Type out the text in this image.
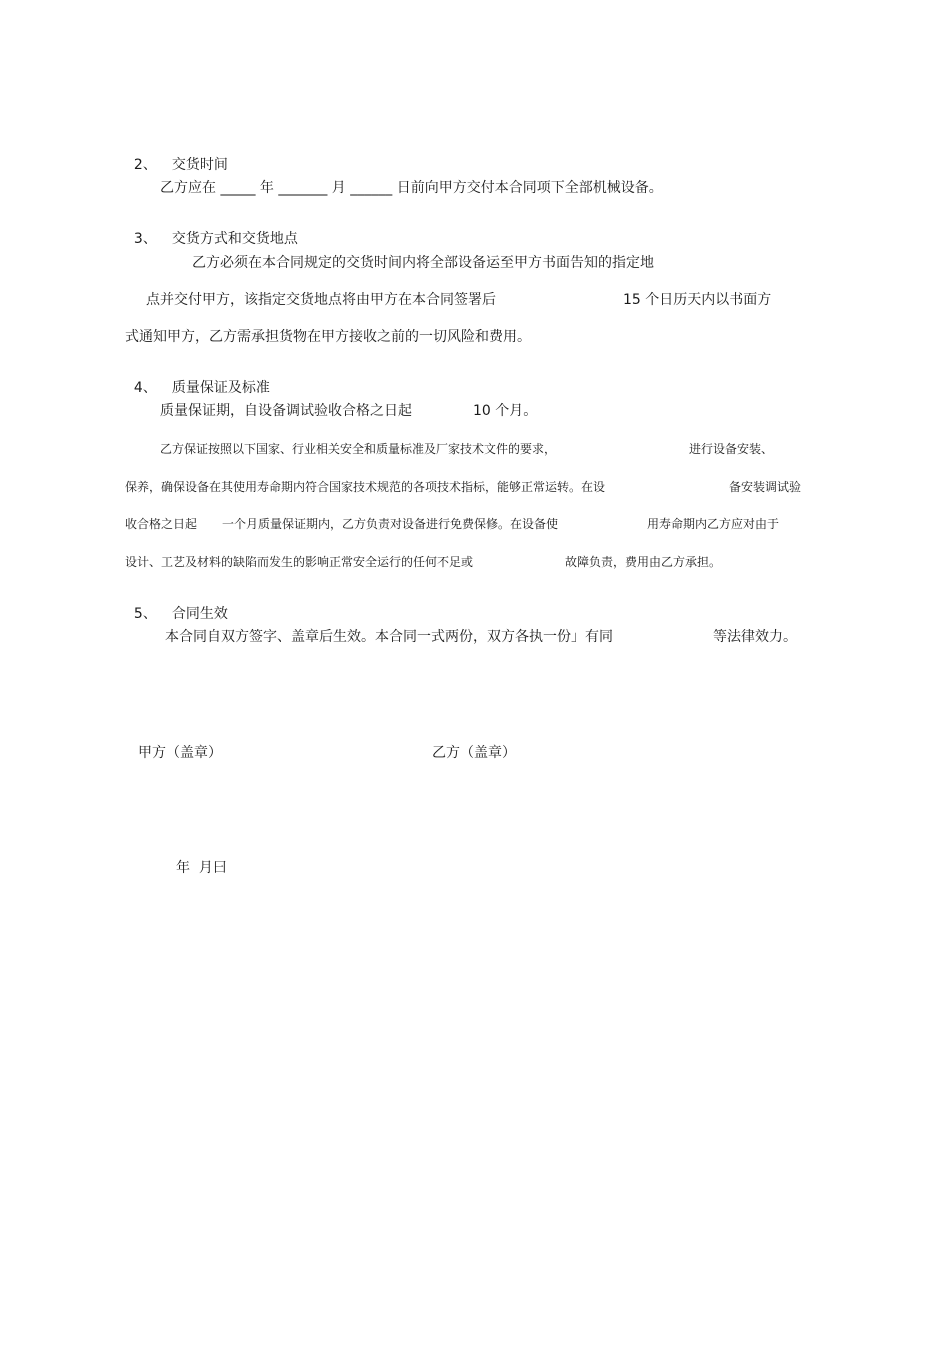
2、 交货时间

乙方应在 _____ 年 _______ 月 ______ 日前向甲方交付本合同项下全部机械设备。

3、 交货方式和交货地点

乙方必须在本合同规定的交货时间内将全部设备运至甲方书面告知的指定地
点并交付甲方，该指定交货地点将由甲方在本合同签署后	15 个日历天内以书面方
式通知甲方，乙方需承担货物在甲方接收之前的一切风险和费用。

4、 质量保证及标准

质量保证期，自设备调试验收合格之日起	10 个月。
乙方保证按照以下国家、行业相关安全和质量标准及厂家技术文件的要求，	进行设备安装、
保养，确保设备在其使用寿命期内符合国家技术规范的各项技术指标，能够正常运转。在设	备安装调试验
收合格之日起 一个月质量保证期内，乙方负责对设备进行免费保修。在设备使	用寿命期内乙方应对由于
设计、工艺及材料的缺陷而发生的影响正常安全运行的任何不足或	故障负责，费用由乙方承担。

5、 合同生效

本合同自双方签字、盖章后生效。本合同一式两份，双方各执一份」有同	等法律效力。
甲方（盖章）	乙方（盖章）
年  月曰
